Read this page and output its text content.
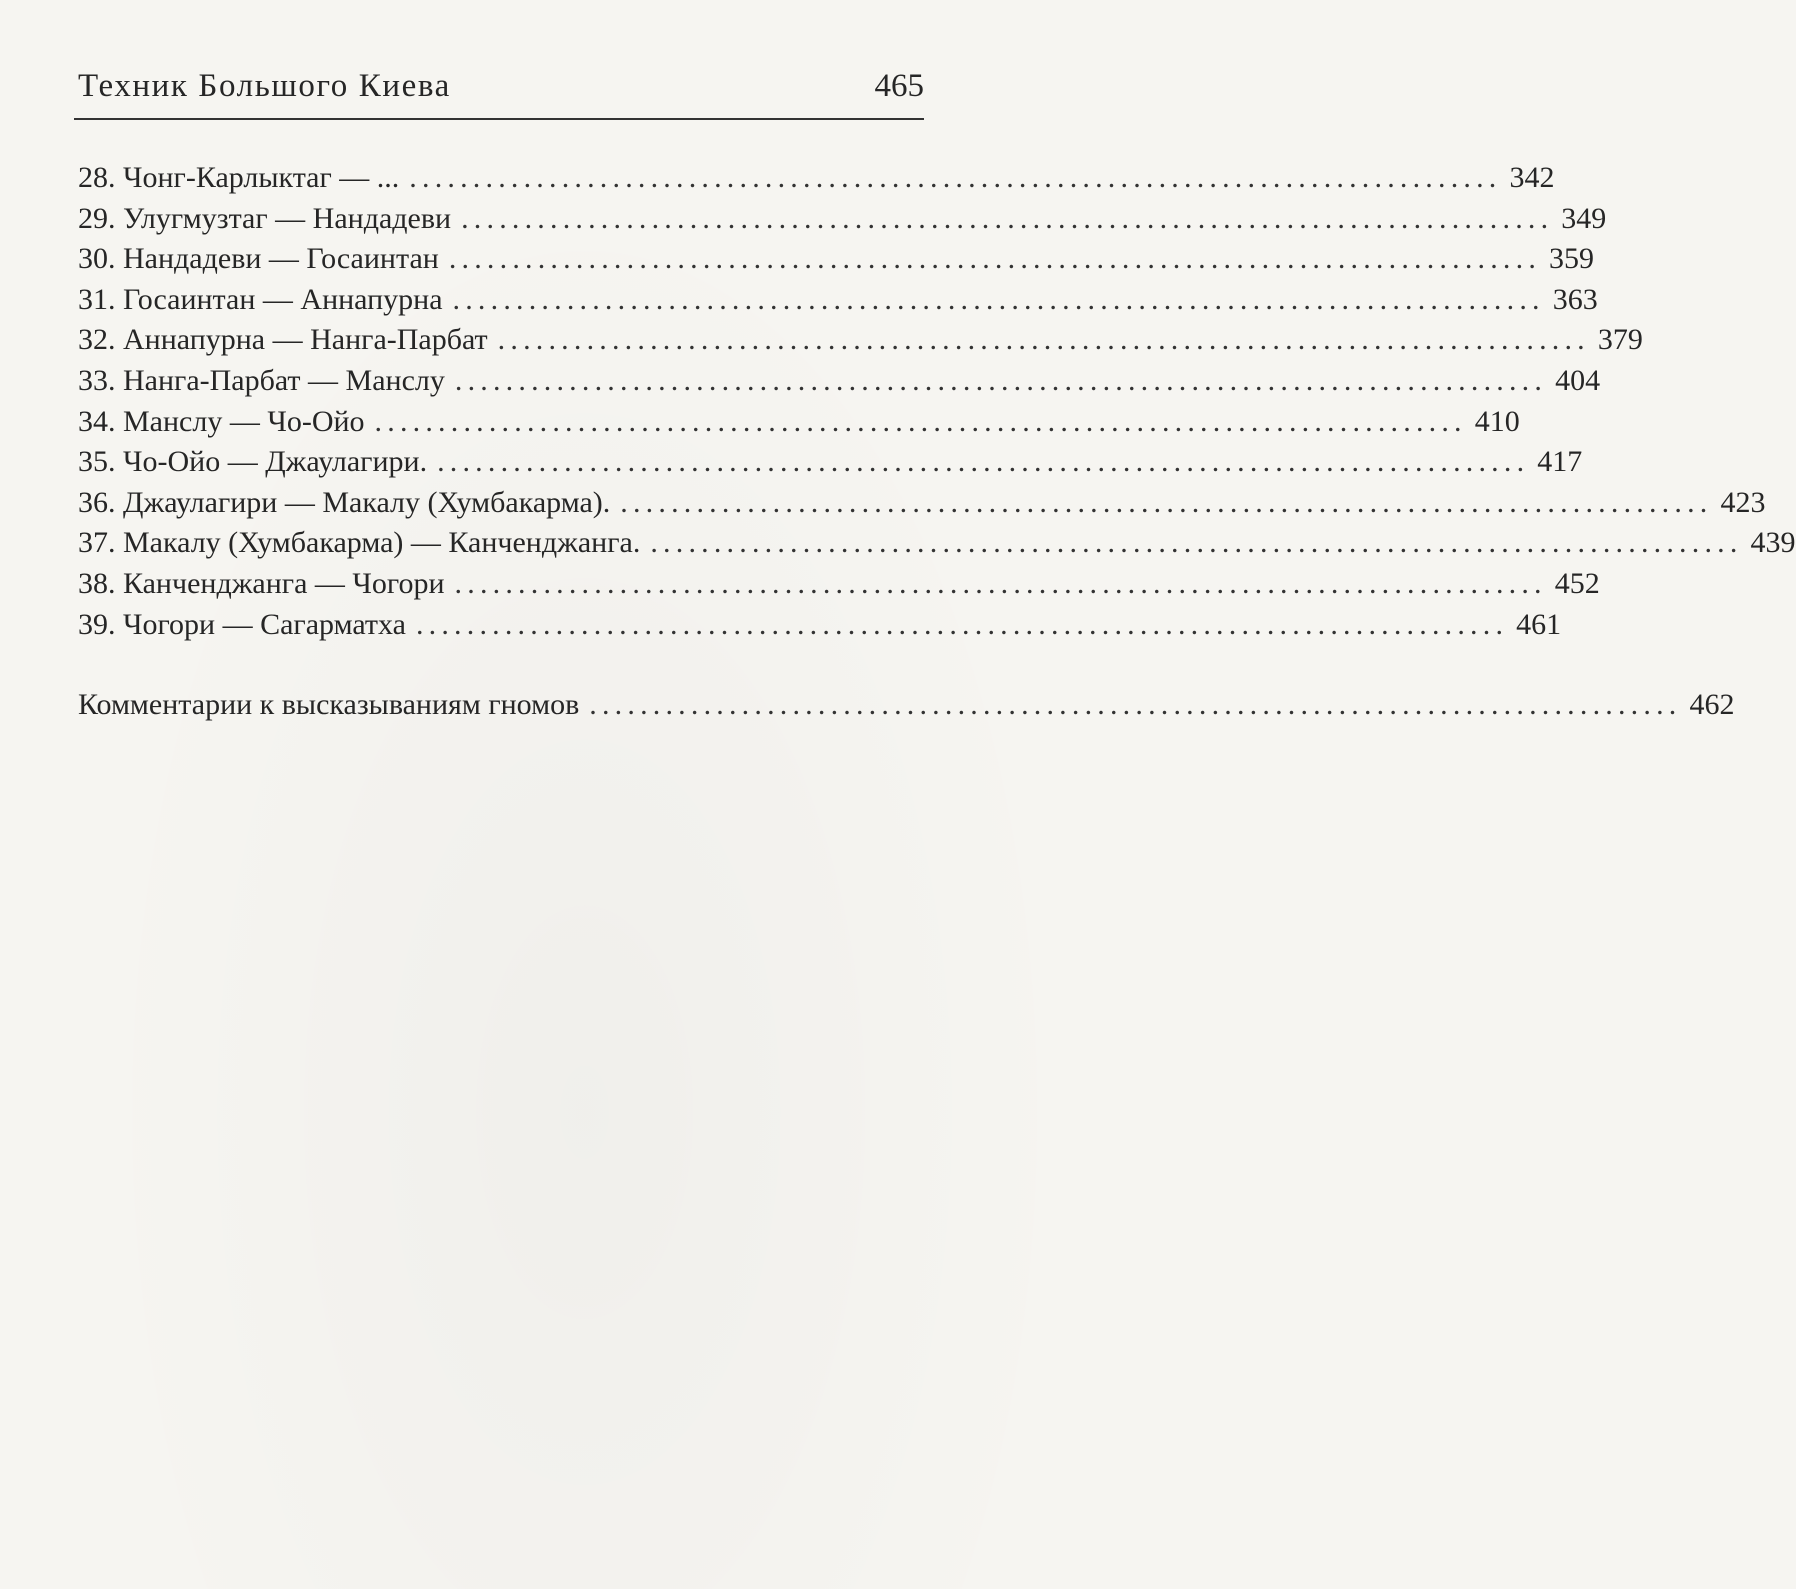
Техник Большого Киева	465
28. Чонг-Карлыктаг — ... ...................................................................................... 342
29. Улугмузтаг — Нандадеви ...................................................................................... 349
30. Нандадеви — Госаинтан ...................................................................................... 359
31. Госаинтан — Аннапурна ...................................................................................... 363
32. Аннапурна — Нанга-Парбат ...................................................................................... 379
33. Нанга-Парбат — Манслу ...................................................................................... 404
34. Манслу — Чо-Ойо ...................................................................................... 410
35. Чо-Ойо — Джаулагири. ...................................................................................... 417
36. Джаулагири — Макалу (Хумбакарма). ...................................................................................... 423
37. Макалу (Хумбакарма) — Канченджанга. ...................................................................................... 439
38. Канченджанга — Чогори ...................................................................................... 452
39. Чогори — Сагарматха ...................................................................................... 461
Комментарии к высказываниям гномов ...................................................................................... 462
